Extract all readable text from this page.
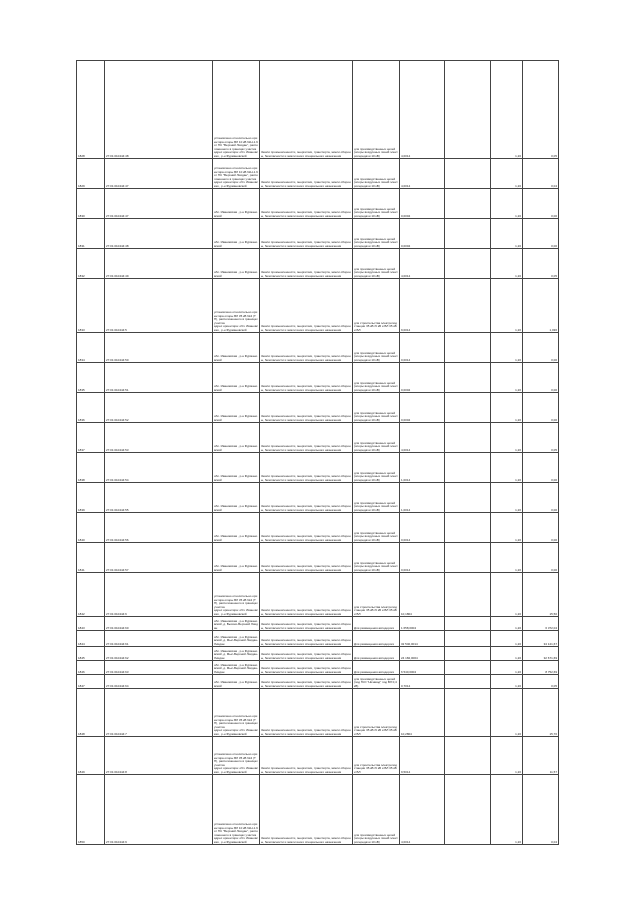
1828	27:01:010444:48	установлено относительно ориентира опоры ВЛ 10 кВ №Н-1.9 от ПС "Верхний Лиидан", расположенного в границах участка
адрес ориентира: обл. Ивановская , р-н Фурмановский	Земли промышленности, энергетики, транспорта, земли обороны, безопасности и земли иного специального назначения	для производственных целей (опоры воздушных линий электропередачи 10 кВ)	4,0014		1,20	0,05
1829	27:01:010444:47	установлено относительно ориентира опоры ВЛ 10 кВ №Н-1.9 от ПС "Верхний Лиидан", расположенного в границах участка
адрес ориентира: обл. Ивановская , р-н Фурмановский	Земли промышленности, энергетики, транспорта, земли обороны, безопасности и земли иного специального назначения	для производственных целей (опоры воздушных линий электропередачи 10 кВ)	4,0014		1,20	0,04
1830	27:01:010444:47	обл. Ивановская , р-н Фурмановский	Земли промышленности, энергетики, транспорта, земли обороны, безопасности и земли иного специального назначения	для производственных целей (опоры воздушных линий электропередачи 10 кВ)	0,0004		1,20	0,00
1831	27:01:010444:48	обл. Ивановская , р-н Фурмановский	Земли промышленности, энергетики, транспорта, земли обороны, безопасности и земли иного специального назначения	для производственных целей (опоры воздушных линий электропередачи 10 кВ)	0,0004		1,20	0,00
1832	27:01:010444:49	обл. Ивановская , р-н Фурмановский	Земли промышленности, энергетики, транспорта, земли обороны, безопасности и земли иного специального назначения	для производственных целей (опоры воздушных линий электропередачи 10 кВ)	4,0014		1,20	0,05
1833	27:01:010444:5	установлено относительно ориентира опоры ВЛ 35 кВ №4 (ТП), расположенного в границах участка
адрес ориентира: обл. Ивановская , р-н Фурмановский	Земли промышленности, энергетики, транспорта, земли обороны, безопасности и земли иного специального назначения	для строительства электроподстанции 35 кВ /6 кВ и ВЛ 35 кВ и ВЛ	9,0014		1,20	1,036
1834	27:01:010444:50	обл. Ивановская , р-н Фурмановский	Земли промышленности, энергетики, транспорта, земли обороны, безопасности и земли иного специального назначения	для производственных целей (опоры воздушных линий электропередачи 10 кВ)	0,0014		1,20	0,00
1835	27:01:010444:51	обл. Ивановская , р-н Фурмановский	Земли промышленности, энергетики, транспорта, земли обороны, безопасности и земли иного специального назначения	для производственных целей (опоры воздушных линий электропередачи 10 кВ)	0,0004		1,20	0,00
1836	27:01:010444:52	обл. Ивановская , р-н Фурмановский	Земли промышленности, энергетики, транспорта, земли обороны, безопасности и земли иного специального назначения	для производственных целей (опоры воздушных линий электропередачи 10 кВ)	0,0004		1,20	0,00
1837	27:01:010444:53	обл. Ивановская , р-н Фурмановский	Земли промышленности, энергетики, транспорта, земли обороны, безопасности и земли иного специального назначения	для производственных целей (опоры воздушных линий электропередачи 10 кВ)	4,0014		1,20	0,05
1838	27:01:010444:54	обл. Ивановская , р-н Фурмановский	Земли промышленности, энергетики, транспорта, земли обороны, безопасности и земли иного специального назначения	для производственных целей (опоры воздушных линий электропередачи 10 кВ)	1,0014		1,20	0,00
1839	27:01:010444:55	обл. Ивановская , р-н Фурмановский	Земли промышленности, энергетики, транспорта, земли обороны, безопасности и земли иного специального назначения	для производственных целей (опоры воздушных линий электропередачи 10 кВ)	1,0014		1,20	0,00
1840	27:01:010444:56	обл. Ивановская , р-н Фурмановский	Земли промышленности, энергетики, транспорта, земли обороны, безопасности и земли иного специального назначения	для производственных целей (опоры воздушных линий электропередачи 10 кВ)	0,0014		1,20	0,00
1841	27:01:010444:57	обл. Ивановская , р-н Фурмановский	Земли промышленности, энергетики, транспорта, земли обороны, безопасности и земли иного специального назначения	для производственных целей (опоры воздушных линий электропередачи 10 кВ)	0,0014		1,20	0,00
1842	27:01:010444:6	установлено относительно ориентира опоры ВЛ 35 кВ №4 (ТП), расположенного в границах участка
адрес ориентира: обл. Ивановская , р-н Фурмановский	Земли промышленности, энергетики, транспорта, земли обороны, безопасности и земли иного специального назначения	для строительства электроподстанции 35 кВ /6 кВ и ВЛ 35 кВ и ВЛ	10,1804		1,20	15,50
1843	27:01:010444:60	обл. Ивановская , р-н Фурмановский, д. Высоко-Верхний Лиидан	Земли промышленности, энергетики, транспорта, земли обороны, безопасности и земли иного специального назначения	Для размещения автодороги	1 658,0004		1,20	6 372,04
1844	27:01:010444:61	обл. Ивановская , р-н Фурмановский, д. Мыс-Верхний Лиидан-Лиидан	Земли промышленности, энергетики, транспорта, земли обороны, безопасности и земли иного специального назначения	Для размещения автодороги	32 540,0014		1,20	34 121,67
1845	27:01:010444:62	обл. Ивановская , р-н Фурмановский, д. Мыс-Верхний Лиидан-Лиидан	Земли промышленности, энергетики, транспорта, земли обороны, безопасности и земли иного специального назначения	Для размещения автодороги	24 182,0004		1,20	32 671,69
1846	27:01:010444:63	обл. Ивановская , р-н Фурмановский, д. Мыс-Верхний Лиидан-Лиидан	Земли промышленности, энергетики, транспорта, земли обороны, безопасности и земли иного специального назначения	Для размещения автодороги	6 540,0004		1,20	8 752,69
1847	27:01:010444:64	обл. Ивановская , р-н Фурмановский	Земли промышленности, энергетики, транспорта, земли обороны, безопасности и земли иного специального назначения	для производственных целей (под ГКО "Низавод" под ВЛ 0,4 кВ)	0,7014		1,20	0,05
1848	27:01:010444:7	установлено относительно ориентира опоры ВЛ 35 кВ №4 (ТП), расположенного в границах участка
адрес ориентира: обл. Ивановская , р-н Фурмановский	Земли промышленности, энергетики, транспорта, земли обороны, безопасности и земли иного специального назначения	для строительства электроподстанции 35 кВ /6 кВ и ВЛ 35 кВ и ВЛ	10,2804		1,20	15,70
1849	27:01:010444:8	установлено относительно ориентира опоры ВЛ 35 кВ №4 (ТП), расположенного в границах участка
адрес ориентира: обл. Ивановская , р-н Фурмановский	Земли промышленности, энергетики, транспорта, земли обороны, безопасности и земли иного специального назначения	для строительства электроподстанции 35 кВ /6 кВ и ВЛ 35 кВ и ВЛ	9,5014		1,20	11,57
1850	27:01:010444:9	установлено относительно ориентира опоры ВЛ 10 кВ №Н-1.9 от ПС "Верхний Лиидан", расположенного в границах участка
адрес ориентира: обл. Ивановская , р-н Фурмановский	Земли промышленности, энергетики, транспорта, земли обороны, безопасности и земли иного специального назначения	для производственных целей (опоры воздушных линий электропередачи 10 кВ)	4,0014		1,20	0,04
